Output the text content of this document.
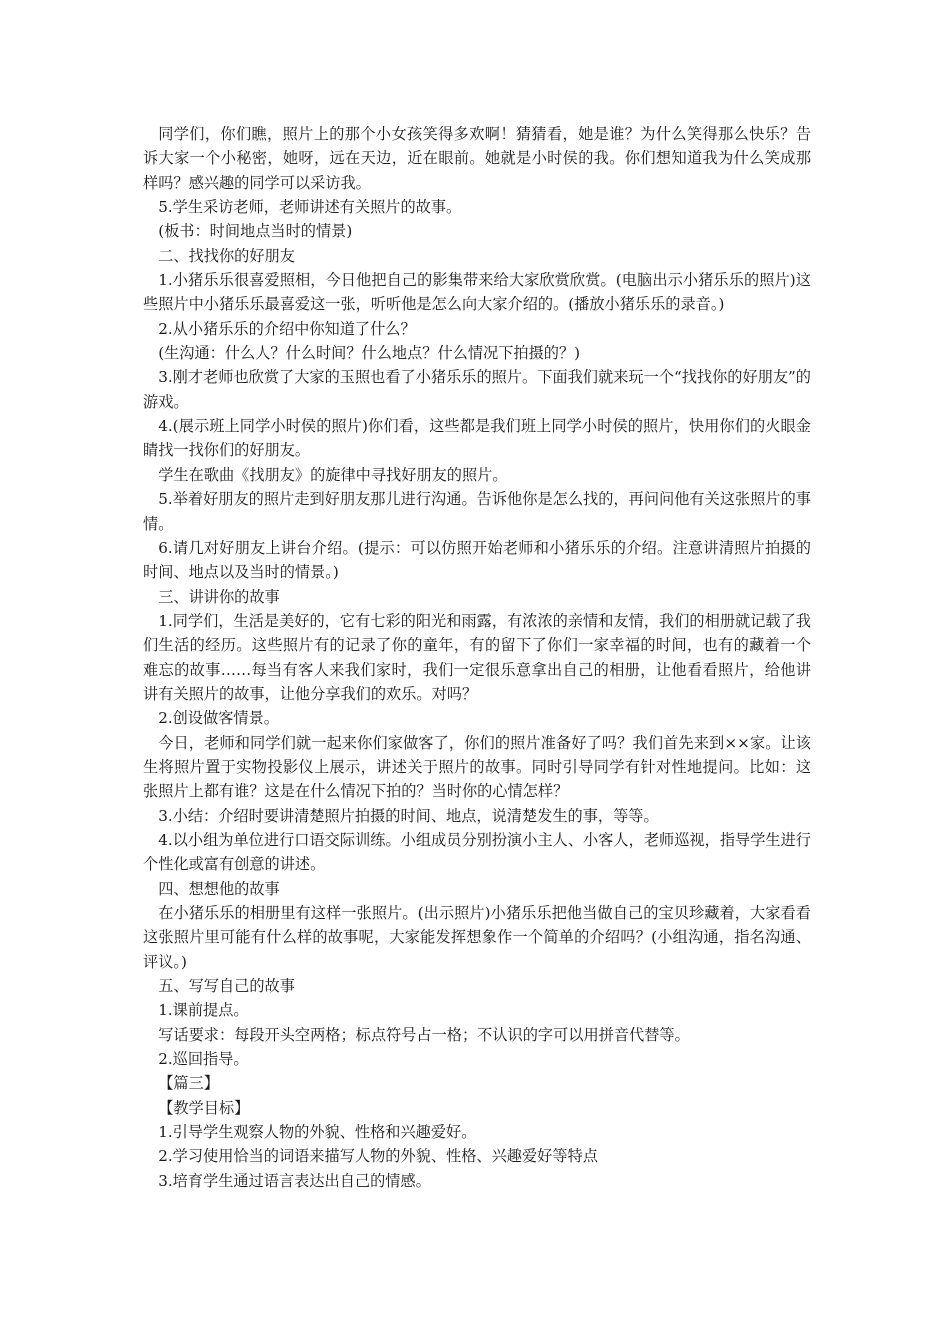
同学们，你们瞧，照片上的那个小女孩笑得多欢啊！猜猜看，她是谁？为什么笑得那么快乐？告诉大家一个小秘密，她呀，远在天边，近在眼前。她就是小时侯的我。你们想知道我为什么笑成那样吗？感兴趣的同学可以采访我。

5.学生采访老师，老师讲述有关照片的故事。

(板书：时间地点当时的情景)

二、找找你的好朋友

1.小猪乐乐很喜爱照相，今日他把自己的影集带来给大家欣赏欣赏。(电脑出示小猪乐乐的照片)这些照片中小猪乐乐最喜爱这一张，听听他是怎么向大家介绍的。(播放小猪乐乐的录音。)

2.从小猪乐乐的介绍中你知道了什么？

(生沟通：什么人？什么时间？什么地点？什么情况下拍摄的？)

3.刚才老师也欣赏了大家的玉照也看了小猪乐乐的照片。下面我们就来玩一个“找找你的好朋友”的游戏。

4.(展示班上同学小时侯的照片)你们看，这些都是我们班上同学小时侯的照片，快用你们的火眼金睛找一找你们的好朋友。

学生在歌曲《找朋友》的旋律中寻找好朋友的照片。

5.举着好朋友的照片走到好朋友那儿进行沟通。告诉他你是怎么找的，再问问他有关这张照片的事情。

6.请几对好朋友上讲台介绍。(提示：可以仿照开始老师和小猪乐乐的介绍。注意讲清照片拍摄的时间、地点以及当时的情景。)

三、讲讲你的故事

1.同学们，生活是美好的，它有七彩的阳光和雨露，有浓浓的亲情和友情，我们的相册就记载了我们生活的经历。这些照片有的记录了你的童年，有的留下了你们一家幸福的时间，也有的藏着一个难忘的故事……每当有客人来我们家时，我们一定很乐意拿出自己的相册，让他看看照片，给他讲讲有关照片的故事，让他分享我们的欢乐。对吗？

2.创设做客情景。

今日，老师和同学们就一起来你们家做客了，你们的照片准备好了吗？我们首先来到××家。让该生将照片置于实物投影仪上展示，讲述关于照片的故事。同时引导同学有针对性地提问。比如：这张照片上都有谁？这是在什么情况下拍的？当时你的心情怎样？

3.小结：介绍时要讲清楚照片拍摄的时间、地点，说清楚发生的事，等等。

4.以小组为单位进行口语交际训练。小组成员分别扮演小主人、小客人，老师巡视，指导学生进行个性化或富有创意的讲述。

四、想想他的故事

在小猪乐乐的相册里有这样一张照片。(出示照片)小猪乐乐把他当做自己的宝贝珍藏着，大家看看这张照片里可能有什么样的故事呢，大家能发挥想象作一个简单的介绍吗？(小组沟通，指名沟通、评议。)

五、写写自己的故事

1.课前提点。

写话要求：每段开头空两格；标点符号占一格；不认识的字可以用拼音代替等。

2.巡回指导。

【篇三】

【教学目标】

1.引导学生观察人物的外貌、性格和兴趣爱好。

2.学习使用恰当的词语来描写人物的外貌、性格、兴趣爱好等特点

3.培育学生通过语言表达出自己的情感。
